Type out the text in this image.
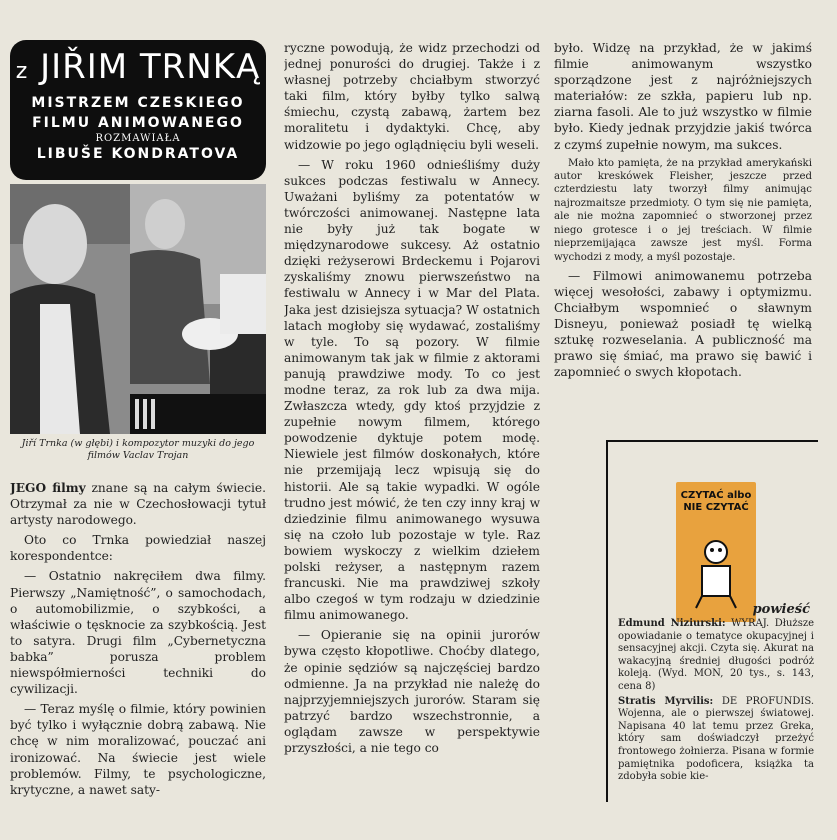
z JIŘIM TRNKĄ
MISTRZEM CZESKIEGO
FILMU ANIMOWANEGO
ROZMAWIAŁA
LIBUŠE KONDRATOVA
Jiří Trnka (w głębi) i kompozytor muzyki do jego filmów Vaclav Trojan

JEGO filmy znane są na całym świecie. Otrzymał za nie w Czechosłowacji tytuł artysty narodowego.

Oto co Trnka powiedział naszej korespondentce:

— Ostatnio nakręciłem dwa filmy. Pierwszy „Namiętność”, o samochodach, o automobilizmie, o szybkości, a właściwie o tęsknocie za szybkością. Jest to satyra. Drugi film „Cybernetyczna babka” porusza problem niewspółmierności techniki do cywilizacji.

— Teraz myślę o filmie, który powinien być tylko i wyłącznie dobrą zabawą. Nie chcę w nim moralizować, pouczać ani ironizować. Na świecie jest wiele problemów. Filmy, te psychologiczne, krytyczne, a nawet saty-

ryczne powodują, że widz przechodzi od jednej ponurości do drugiej. Także i z własnej potrzeby chciałbym stworzyć taki film, który byłby tylko salwą śmiechu, czystą zabawą, żartem bez moralitetu i dydaktyki. Chcę, aby widzowie po jego oglądnięciu byli weseli.

— W roku 1960 odnieśliśmy duży sukces podczas festiwalu w Annecy. Uważani byliśmy za potentatów w twórczości animowanej. Następne lata nie były już tak bogate w międzynarodowe sukcesy. Aż ostatnio dzięki reżyserowi Brdeckemu i Pojarovi zyskaliśmy znowu pierwszeństwo na festiwalu w Annecy i w Mar del Plata. Jaka jest dzisiejsza sytuacja? W ostatnich latach mogłoby się wydawać, zostaliśmy w tyle. To są pozory. W filmie animowanym tak jak w filmie z aktorami panują prawdziwe mody. To co jest modne teraz, za rok lub za dwa mija. Zwłaszcza wtedy, gdy ktoś przyjdzie z zupełnie nowym filmem, którego powodzenie dyktuje potem modę. Niewiele jest filmów doskonałych, które nie przemijają lecz wpisują się do historii. Ale są takie wypadki. W ogóle trudno jest mówić, że ten czy inny kraj w dziedzinie filmu animowanego wysuwa się na czoło lub pozostaje w tyle. Raz bowiem wyskoczy z wielkim dziełem polski reżyser, a następnym razem francuski. Nie ma prawdziwej szkoły albo czegoś w tym rodzaju w dziedzinie filmu animowanego.

— Opieranie się na opinii jurorów bywa często kłopotliwe. Choćby dlatego, że opinie sędziów są najczęściej bardzo odmienne. Ja na przykład nie należę do najprzyjemniejszych jurorów. Staram się patrzyć bardzo wszechstronnie, a oglądam zawsze w perspektywie przyszłości, a nie tego co

było. Widzę na przykład, że w jakimś filmie animowanym wszystko sporządzone jest z najróżniejszych materiałów: ze szkła, papieru lub np. ziarna fasoli. Ale to już wszystko w filmie było. Kiedy jednak przyjdzie jakiś twórca z czymś zupełnie nowym, ma sukces.

Mało kto pamięta, że na przykład amerykański autor kreskówek Fleisher, jeszcze przed czterdziestu laty tworzył filmy animując najrozmaitsze przedmioty. O tym się nie pamięta, ale nie można zapomnieć o stworzonej przez niego grotesce i o jej treściach. W filmie nieprzemijająca zawsze jest myśl. Forma wychodzi z mody, a myśl pozostaje.

— Filmowi animowanemu potrzeba więcej wesołości, zabawy i optymizmu. Chciałbym wspomnieć o sławnym Disneyu, ponieważ posiadł tę wielką sztukę rozweselania. A publiczność ma prawo się śmiać, ma prawo się bawić i zapomnieć o swych kłopotach.

CZYTAĆ albo NIE CZYTAĆ
powieść

Edmund Niziurski: WYRAJ. Dłuższe opowiadanie o tematyce okupacyjnej i sensacyjnej akcji. Czyta się. Akurat na wakacyjną średniej długości podróż koleją. (Wyd. MON, 20 tys., s. 143, cena 8)

Stratis Myrvilis: DE PROFUNDIS. Wojenna, ale o pierwszej światowej. Napisana 40 lat temu przez Greka, który sam doświadczył przeżyć frontowego żołnierza. Pisana w formie pamiętnika podoficera, książka ta zdobyła sobie kie-
